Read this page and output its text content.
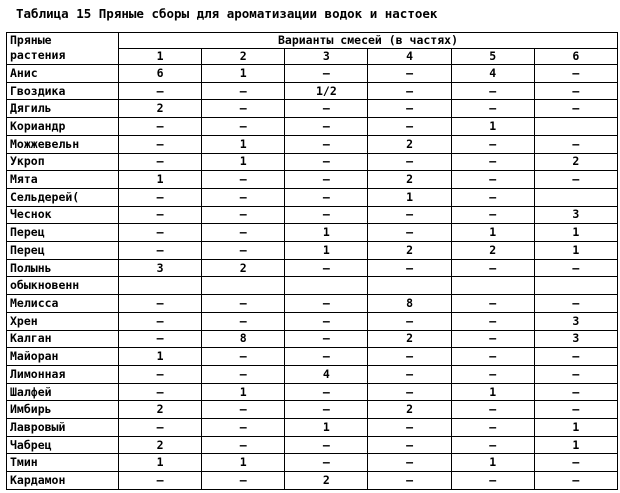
Таблица 15 Пряные сборы для ароматизации водок и настоек
Пряные
растения	Варианты смесей (в частях)					
	1	2	3	4	5	6
Анис	6	1	–	–	4	–
Гвоздика	–	–	1/2	–	–	–
Дягиль	2	–	–	–	–	–
Кориандр	–	–	–	–	1	
Можжевельн	–	1	–	2	–	–
Укроп	–	1	–	–	–	2
Мята	1	–	–	2	–	–
Сельдерей(	–	–	–	1	–	
Чеснок	–	–	–	–	–	3
Перец	–	–	1	–	1	1
Перец	–	–	1	2	2	1
Полынь	3	2	–	–	–	–
обыкновенн						
Мелисса	–	–	–	8	–	–
Хрен	–	–	–	–	–	3
Калган	–	8	–	2	–	3
Майоран	1	–	–	–	–	–
Лимонная	–	–	4	–	–	–
Шалфей	–	1	–	–	1	–
Имбирь	2	–	–	2	–	–
Лавровый	–	–	1	–	–	1
Чабрец	2	–	–	–	–	1
Тмин	1	1	–	–	1	–
Кардамон	–	–	2	–	–	–
